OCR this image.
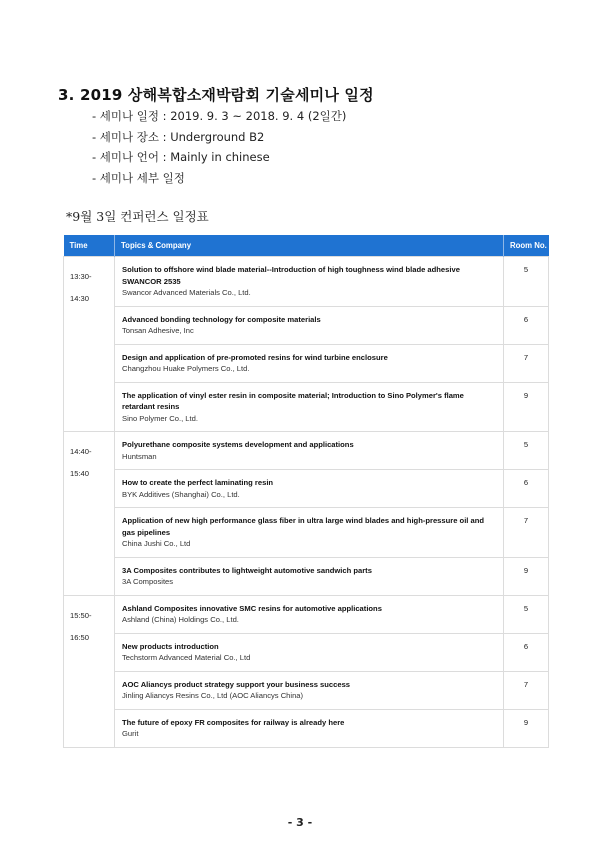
3. 2019 상해복합소재박람회 기술세미나 일정
- 세미나 일정 : 2019. 9. 3 ~ 2018. 9. 4 (2일간)
- 세미나 장소 : Underground B2
- 세미나 언어 : Mainly in chinese
- 세미나 세부 일정
*9월 3일 컨퍼런스 일정표
Time	Topics & Company	Room No.
13:30-
14:30	Solution to offshore wind blade material--Introduction of high toughness wind blade adhesive SWANCOR 2535
Swancor Advanced Materials Co., Ltd.	5

	Advanced bonding technology for composite materials
Tonsan Adhesive, Inc	6

	Design and application of pre-promoted resins for wind turbine enclosure
Changzhou Huake Polymers Co., Ltd.	7

	The application of vinyl ester resin in composite material; Introduction to Sino Polymer's flame retardant resins
Sino Polymer Co., Ltd.	9
14:40-
15:40	Polyurethane composite systems development and applications
Huntsman	5

	How to create the perfect laminating resin
BYK Additives (Shanghai) Co., Ltd.	6

	Application of new high performance glass fiber in ultra large wind blades and high-pressure oil and gas pipelines
China Jushi Co., Ltd	7

	3A Composites contributes to lightweight automotive sandwich parts
3A Composites	9
15:50-
16:50	Ashland Composites innovative SMC resins for automotive applications
Ashland (China) Holdings Co., Ltd.	5

	New products introduction
Techstorm Advanced Material Co., Ltd	6

	AOC Aliancys product strategy support your business success
Jinling Aliancys Resins Co., Ltd (AOC Aliancys China)	7

	The future of epoxy FR composites for railway is already here
Gurit	9
- 3 -
